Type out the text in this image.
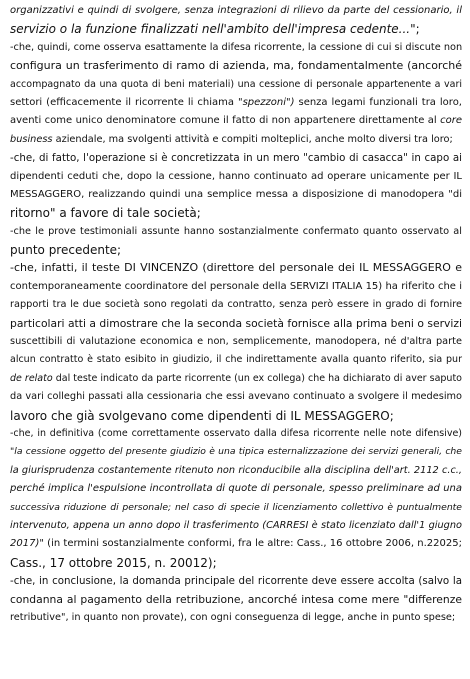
organizzativi e quindi di svolgere, senza integrazioni di rilievo da parte del cessionario, il
servizio o la funzione finalizzati nell'ambito dell'impresa cedente...";
-che, quindi, come osserva esattamente la difesa ricorrente, la cessione di cui si discute non
configura un trasferimento di ramo di azienda, ma, fondamentalmente (ancorché
accompagnato da una quota di beni materiali) una cessione di personale appartenente a vari
settori (efficacemente il ricorrente li chiama "spezzoni") senza legami funzionali tra loro,
aventi come unico denominatore comune il fatto di non appartenere direttamente al core
business aziendale, ma svolgenti attività e compiti molteplici, anche molto diversi tra loro;
-che, di fatto, l'operazione si è concretizzata in un mero "cambio di casacca" in capo ai
dipendenti ceduti che, dopo la cessione, hanno continuato ad operare unicamente per IL
MESSAGGERO, realizzando quindi una semplice messa a disposizione di manodopera "di
ritorno" a favore di tale società;
-che le prove testimoniali assunte hanno sostanzialmente confermato quanto osservato al
punto precedente;
-che, infatti, il teste DI VINCENZO (direttore del personale dei IL MESSAGGERO e
contemporaneamente coordinatore del personale della SERVIZI ITALIA 15) ha riferito che i
rapporti tra le due società sono regolati da contratto, senza però essere in grado di fornire
particolari atti a dimostrare che la seconda società fornisce alla prima beni o servizi
suscettibili di valutazione economica e non, semplicemente, manodopera, né d'altra parte
alcun contratto è stato esibito in giudizio, il che indirettamente avalla quanto riferito, sia pur
de relato dal teste indicato da parte ricorrente (un ex collega) che ha dichiarato di aver saputo
da vari colleghi passati alla cessionaria che essi avevano continuato a svolgere il medesimo
lavoro che già svolgevano come dipendenti di IL MESSAGGERO;
-che, in definitiva (come correttamente osservato dalla difesa ricorrente nelle note difensive)
"la cessione oggetto del presente giudizio è una tipica esternalizzazione dei servizi generali, che
la giurisprudenza costantemente ritenuto non riconducibile alla disciplina dell'art. 2112 c.c.,
perché implica l'espulsione incontrollata di quote di personale, spesso preliminare ad una
successiva riduzione di personale; nel caso di specie il licenziamento collettivo è puntualmente
intervenuto, appena un anno dopo il trasferimento (CARRESI è stato licenziato dall'1 giugno
2017)" (in termini sostanzialmente conformi, fra le altre: Cass., 16 ottobre 2006, n.22025;
Cass., 17 ottobre 2015, n. 20012);
-che, in conclusione, la domanda principale del ricorrente deve essere accolta (salvo la
condanna al pagamento della retribuzione, ancorché intesa come mere "differenze
retributive", in quanto non provate), con ogni conseguenza di legge, anche in punto spese;
